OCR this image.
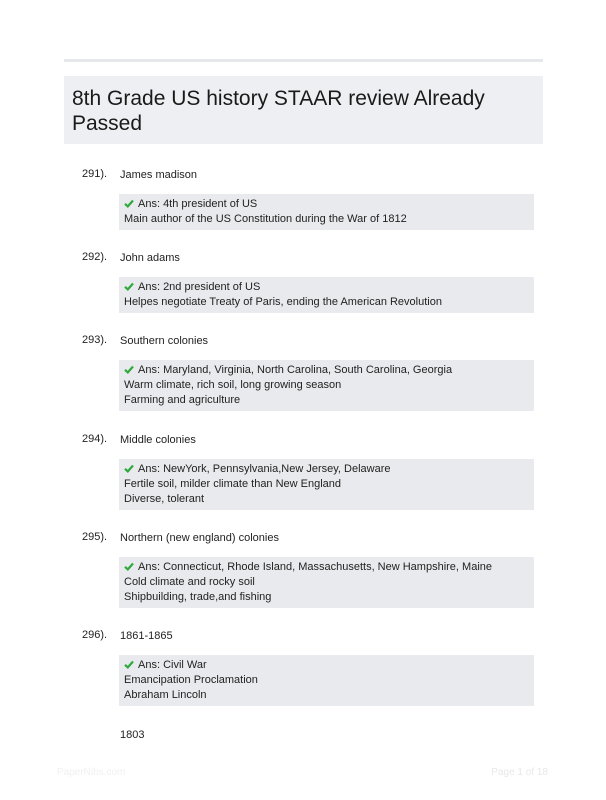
8th Grade US history STAAR review Already Passed
291). James madison
Ans: 4th president of US
Main author of the US Constitution during the War of 1812
292). John adams
Ans: 2nd president of US
Helpes negotiate Treaty of Paris, ending the American Revolution
293). Southern colonies
Ans: Maryland, Virginia, North Carolina, South Carolina, Georgia
Warm climate, rich soil, long growing season
Farming and agriculture
294). Middle colonies
Ans: NewYork, Pennsylvania,New Jersey, Delaware
Fertile soil, milder climate than New England
Diverse, tolerant
295). Northern (new england) colonies
Ans: Connecticut, Rhode Island, Massachusetts, New Hampshire, Maine
Cold climate and rocky soil
Shipbuilding, trade,and fishing
296). 1861-1865
Ans: Civil War
Emancipation Proclamation
Abraham Lincoln
1803
PaperNibs.com	Page 1 of 18
